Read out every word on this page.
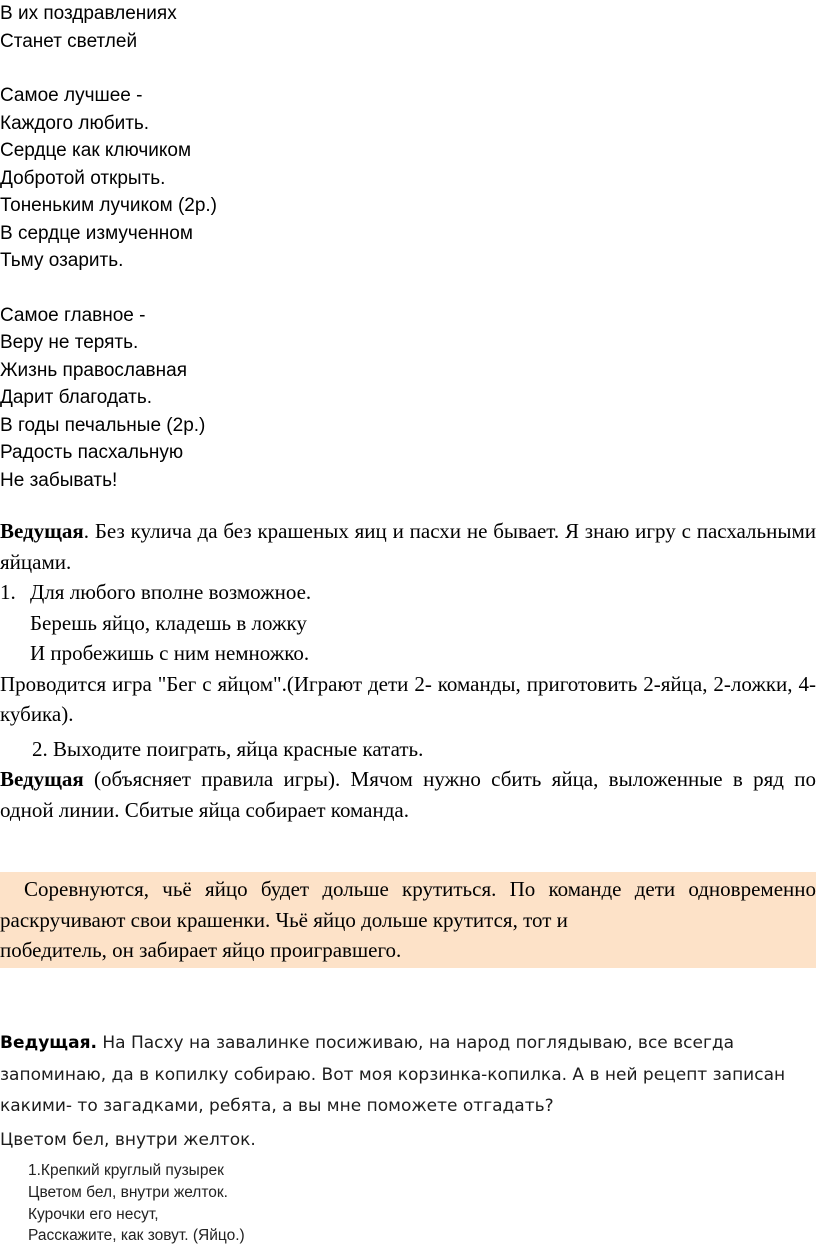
В их поздравлениях
Станет светлей
Самое лучшее -
Каждого любить.
Сердце как ключиком
Добротой открыть.
Тоненьким лучиком (2р.)
В сердце измученном
Тьму озарить.
Самое главное -
Веру не терять.
Жизнь православная
Дарит благодать.
В годы печальные (2р.)
Радость пасхальную
Не забывать!

Ведущая. Без кулича да без крашеных яиц и пасхи не бывает. Я знаю игру с пасхальными яйцами.

1. Для любого вполне возможное.
Берешь яйцо, кладешь в ложку
И пробежишь с ним немножко.

Проводится игра "Бег с яйцом".(Играют дети 2- команды, приготовить 2-яйца, 2-ложки, 4- кубика).

2. Выходите поиграть, яйца красные катать.

Ведущая (объясняет правила игры). Мячом нужно сбить яйца, выложенные в ряд по одной линии. Сбитые яйца собирает команда.

Соревнуются, чьё яйцо будет дольше крутиться. По команде дети одновременно раскручивают свои крашенки. Чьё яйцо дольше крутится, тот и
победитель, он забирает яйцо проигравшего.

Ведущая. На Пасху на завалинке посиживаю, на народ поглядываю, все всегда запоминаю, да в копилку собираю. Вот моя корзинка-копилка. А в ней рецепт записан какими- то загадками, ребята, а вы мне поможете отгадать?

Цветом бел, внутри желток.

1.Крепкий круглый пузырек
Цветом бел, внутри желток.
Курочки его несут,
Расскажите, как зовут. (Яйцо.)
